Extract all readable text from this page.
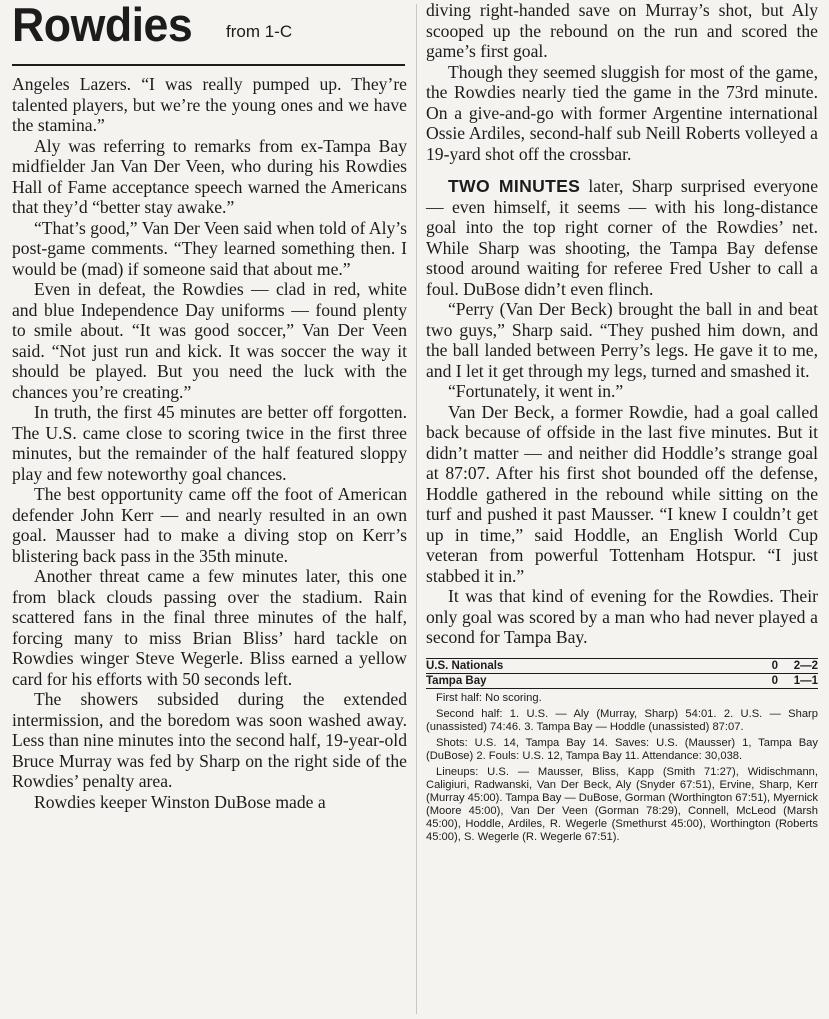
Rowdies from 1-C

Angeles Lazers. “I was really pumped up. They’re talented players, but we’re the young ones and we have the stamina.”

Aly was referring to remarks from ex-Tampa Bay midfielder Jan Van Der Veen, who during his Rowdies Hall of Fame acceptance speech warned the Americans that they’d “better stay awake.”

“That’s good,” Van Der Veen said when told of Aly’s post-game comments. “They learned something then. I would be (mad) if someone said that about me.”

Even in defeat, the Rowdies — clad in red, white and blue Independence Day uniforms — found plenty to smile about. “It was good soccer,” Van Der Veen said. “Not just run and kick. It was soccer the way it should be played. But you need the luck with the chances you’re creating.”

In truth, the first 45 minutes are better off forgotten. The U.S. came close to scoring twice in the first three minutes, but the remainder of the half featured sloppy play and few noteworthy goal chances.

The best opportunity came off the foot of American defender John Kerr — and nearly resulted in an own goal. Mausser had to make a diving stop on Kerr’s blistering back pass in the 35th minute.

Another threat came a few minutes later, this one from black clouds passing over the stadium. Rain scattered fans in the final three minutes of the half, forcing many to miss Brian Bliss’ hard tackle on Rowdies winger Steve Wegerle. Bliss earned a yellow card for his efforts with 50 seconds left.

The showers subsided during the extended intermission, and the boredom was soon washed away. Less than nine minutes into the second half, 19-year-old Bruce Murray was fed by Sharp on the right side of the Rowdies’ penalty area.

Rowdies keeper Winston DuBose made a

diving right-handed save on Murray’s shot, but Aly scooped up the rebound on the run and scored the game’s first goal.

Though they seemed sluggish for most of the game, the Rowdies nearly tied the game in the 73rd minute. On a give-and-go with former Argentine international Ossie Ardiles, second-half sub Neill Roberts volleyed a 19-yard shot off the crossbar.

TWO MINUTES later, Sharp surprised everyone — even himself, it seems — with his long-distance goal into the top right corner of the Rowdies’ net. While Sharp was shooting, the Tampa Bay defense stood around waiting for referee Fred Usher to call a foul. DuBose didn’t even flinch.

“Perry (Van Der Beck) brought the ball in and beat two guys,” Sharp said. “They pushed him down, and the ball landed between Perry’s legs. He gave it to me, and I let it get through my legs, turned and smashed it.

“Fortunately, it went in.”

Van Der Beck, a former Rowdie, had a goal called back because of offside in the last five minutes. But it didn’t matter — and neither did Hoddle’s strange goal at 87:07. After his first shot bounded off the defense, Hoddle gathered in the rebound while sitting on the turf and pushed it past Mausser. “I knew I couldn’t get up in time,” said Hoddle, an English World Cup veteran from powerful Tottenham Hotspur. “I just stabbed it in.”

It was that kind of evening for the Rowdies. Their only goal was scored by a man who had never played a second for Tampa Bay.

U.S. Nationals	0	2—2
Tampa Bay	0	1—1

First half: No scoring.

Second half: 1. U.S. — Aly (Murray, Sharp) 54:01. 2. U.S. — Sharp (unassisted) 74:46. 3. Tampa Bay — Hoddle (unassisted) 87:07.

Shots: U.S. 14, Tampa Bay 14. Saves: U.S. (Mausser) 1, Tampa Bay (DuBose) 2. Fouls: U.S. 12, Tampa Bay 11. Attendance: 30,038.

Lineups: U.S. — Mausser, Bliss, Kapp (Smith 71:27), Widischmann, Caligiuri, Radwanski, Van Der Beck, Aly (Snyder 67:51), Ervine, Sharp, Kerr (Murray 45:00). Tampa Bay — DuBose, Gorman (Worthington 67:51), Myernick (Moore 45:00), Van Der Veen (Gorman 78:29), Connell, McLeod (Marsh 45:00), Hoddle, Ardiles, R. Wegerle (Smethurst 45:00), Worthington (Roberts 45:00), S. Wegerle (R. Wegerle 67:51).
